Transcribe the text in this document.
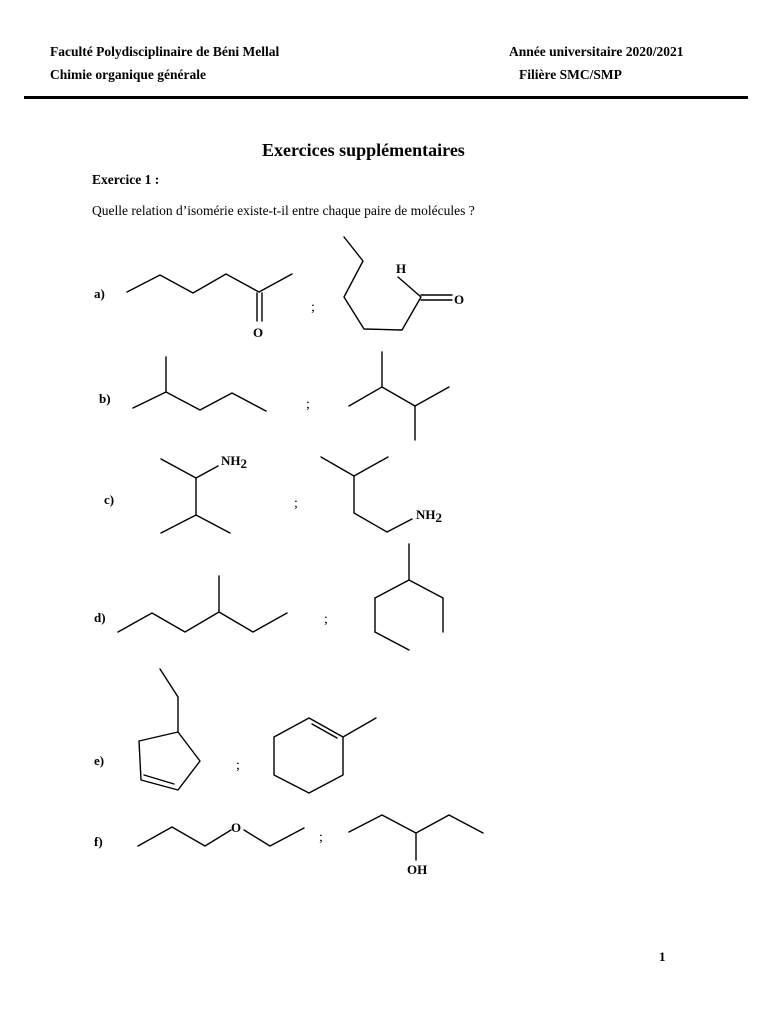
Faculté Polydisciplinaire de Béni Mellal
Chimie organique générale
Année universitaire 2020/2021
Filière SMC/SMP
Exercices supplémentaires
Exercice 1 :
Quelle relation d’isomérie existe-t-il entre chaque paire de molécules ?
a)
b)
c)
d)
e)
f)
;
;
;
;
;
;
O
H
O
NH2
NH2
O
OH
1
